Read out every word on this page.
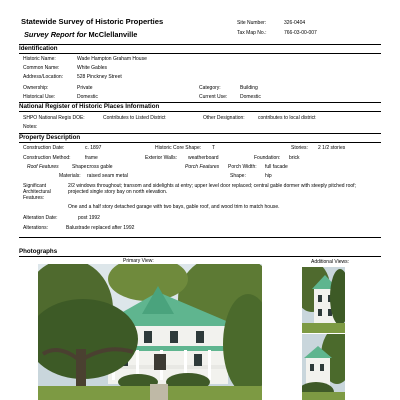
Statewide Survey of Historic Properties
Survey Report for McClellanville
Site Number:	326-0404
Tax Map No.:	766-03-00-007
Identification
Historic Name:	Wade Hampton Graham House
Common Name:	White Gables
Address/Location:	528 Pinckney Street
Ownership:	Private	Category:	Building
Historical Use:	Domestic	Current Use:	Domestic
National Register of Historic Places Information
SHPO National Regis DOE:	Contributes to Listed District	Other Designation:	contributes to local district
Notes:
Property Description
Construction Date:	c. 1897	Historic Core Shape: T	Stories: 2 1/2 stories
Construction Method:	frame	Exterior Walls: weatherboard	Foundation: brick
Roof Features	Shape: cross gable	Porch Features Porch Width: full facade
Materials: raised seam metal	Shape:	hip
Significant
Architectural
Features:
2/2 windows throughout; transom and sidelights at entry; upper level door replaced; central gable dormer with steeply pitched roof; projected single story bay on north elevation.
One and a half story detached garage with two bays, gable roof, and wood trim to match house.
Alteration Date:	post 1992
Alterations:	Balustrade replaced after 1992
Photographs
Primary View:	Additional Views:
